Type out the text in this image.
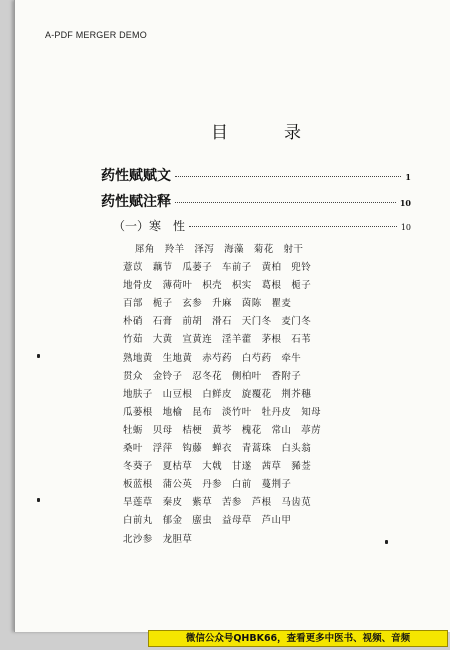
A-PDF MERGER DEMO
目	录
药性赋赋文	1
药性赋注释	10
（一）寒　性	10
犀角　羚羊　泽泻　海藻　菊花　射干
薏苡　藕节　瓜蒌子　车前子　黄柏　兜铃
地骨皮　薄荷叶　枳壳　枳实　葛根　栀子
百部　栀子　玄参　升麻　茵陈　瞿麦
朴硝　石膏　前胡　滑石　天门冬　麦门冬
竹茹　大黄　宣黄连　淫羊藿　茅根　石苇
熟地黄　生地黄　赤芍药　白芍药　牵牛
贯众　金铃子　忍冬花　侧柏叶　香附子
地肤子　山豆根　白鲜皮　旋覆花　荆芥穗
瓜蒌根　地榆　昆布　淡竹叶　牡丹皮　知母
牡蛎　贝母　桔梗　黄芩　槐花　常山　葶苈
桑叶　浮萍　钩藤　蝉衣　青蒿珠　白头翁
冬葵子　夏枯草　大戟　甘遂　茜草　豨莶
板蓝根　蒲公英　丹参　白前　蔓荆子
旱莲草　秦皮　紫草　苦参　芦根　马齿苋
白前丸　郁金　䗪虫　益母草　芦山甲
北沙参　龙胆草
微信公众号QHBK66，查看更多中医书、视频、音频
